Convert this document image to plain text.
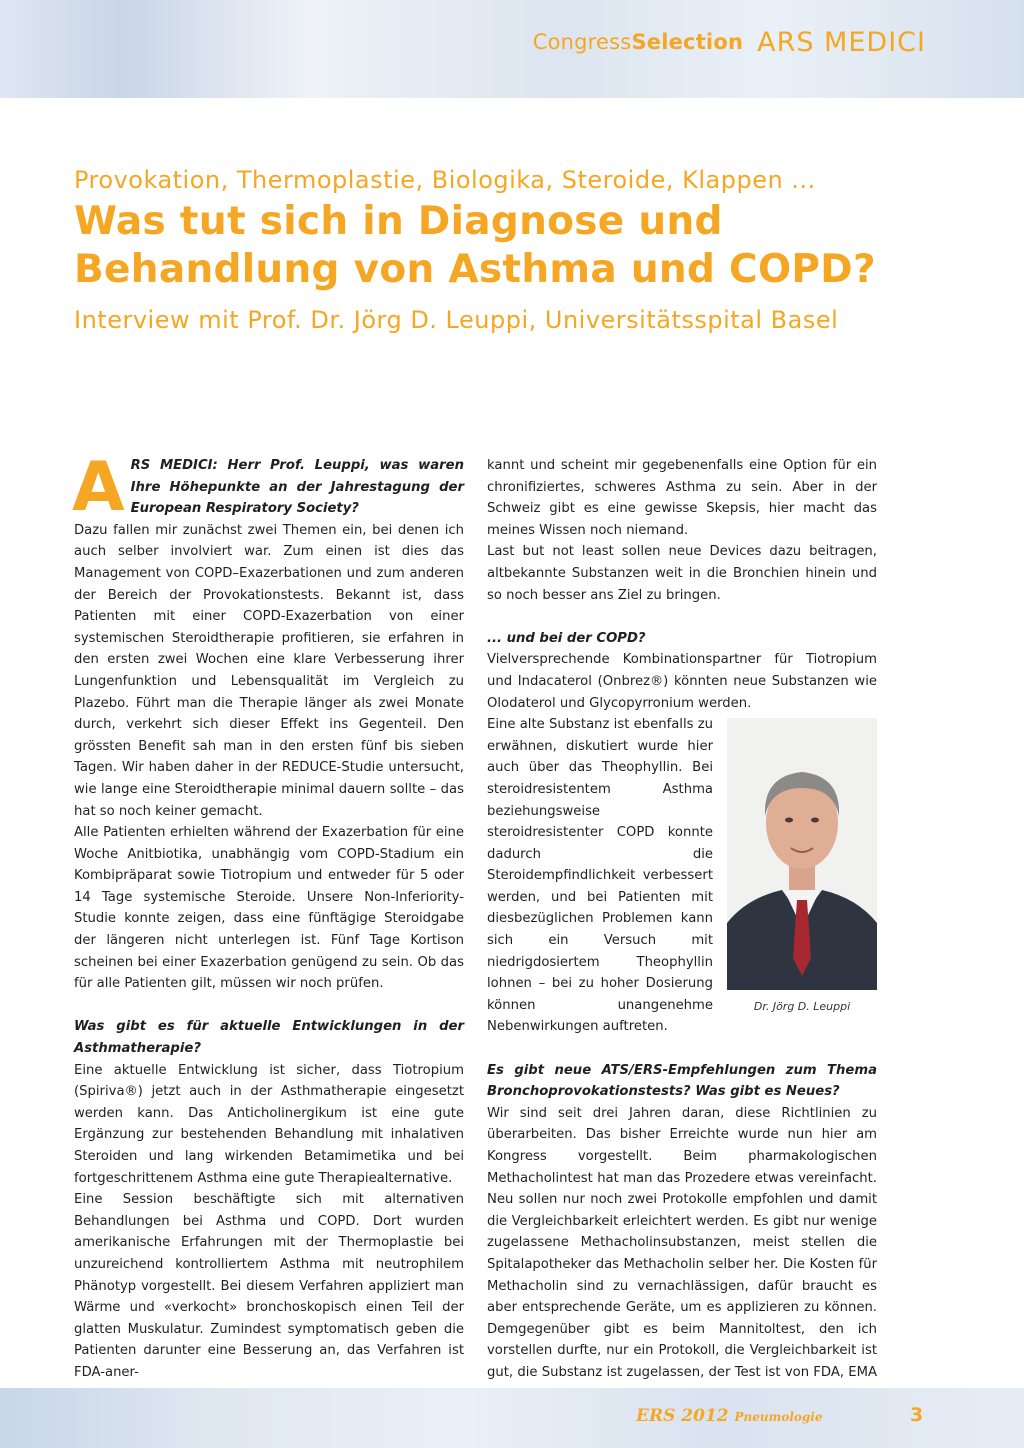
CongressSelection ARS MEDICI
Provokation, Thermoplastie, Biologika, Steroide, Klappen ...
Was tut sich in Diagnose und
Behandlung von Asthma und COPD?
Interview mit Prof. Dr. Jörg D. Leuppi, Universitätsspital Basel
A RS MEDICI: Herr Prof. Leuppi, was waren Ihre Höhepunkte an der Jahrestagung der European Respiratory Society?

Dazu fallen mir zunächst zwei Themen ein, bei denen ich auch selber involviert war. Zum einen ist dies das Management von COPD–Exazerbationen und zum anderen der Bereich der Provokationstests. Bekannt ist, dass Patienten mit einer COPD-Exazerbation von einer systemischen Steroidtherapie profitieren, sie erfahren in den ersten zwei Wochen eine klare Verbesserung ihrer Lungenfunktion und Lebensqualität im Vergleich zu Plazebo. Führt man die Therapie länger als zwei Monate durch, verkehrt sich dieser Effekt ins Gegenteil. Den grössten Benefit sah man in den ersten fünf bis sieben Tagen. Wir haben daher in der REDUCE-Studie untersucht, wie lange eine Steroidtherapie minimal dauern sollte – das hat so noch keiner gemacht.

Alle Patienten erhielten während der Exazerbation für eine Woche Anitbiotika, unabhängig vom COPD-Stadium ein Kombipräparat sowie Tiotropium und entweder für 5 oder 14 Tage systemische Steroide. Unsere Non-Inferiority-Studie konnte zeigen, dass eine fünftägige Steroidgabe der längeren nicht unterlegen ist. Fünf Tage Kortison scheinen bei einer Exazerbation genügend zu sein. Ob das für alle Patienten gilt, müssen wir noch prüfen.

Was gibt es für aktuelle Entwicklungen in der Asthmatherapie?

Eine aktuelle Entwicklung ist sicher, dass Tiotropium (Spiriva®) jetzt auch in der Asthmatherapie eingesetzt werden kann. Das Anticholinergikum ist eine gute Ergänzung zur bestehenden Behandlung mit inhalativen Steroiden und lang wirkenden Betamimetika und bei fortgeschrittenem Asthma eine gute Therapiealternative.

Eine Session beschäftigte sich mit alternativen Behandlungen bei Asthma und COPD. Dort wurden amerikanische Erfahrungen mit der Thermoplastie bei unzureichend kontrolliertem Asthma mit neutrophilem Phänotyp vorgestellt. Bei diesem Verfahren appliziert man Wärme und «verkocht» bronchoskopisch einen Teil der glatten Muskulatur. Zumindest symptomatisch geben die Patienten darunter eine Besserung an, das Verfahren ist FDA-aner-

kannt und scheint mir gegebenenfalls eine Option für ein chronifiziertes, schweres Asthma zu sein. Aber in der Schweiz gibt es eine gewisse Skepsis, hier macht das meines Wissen noch niemand.

Last but not least sollen neue Devices dazu beitragen, altbekannte Substanzen weit in die Bronchien hinein und so noch besser ans Ziel zu bringen.

... und bei der COPD?

Vielversprechende Kombinationspartner für Tiotropium und Indacaterol (Onbrez®) könnten neue Substanzen wie Olodaterol und Glycopyrronium werden.

Dr. Jörg D. Leuppi
Eine alte Substanz ist ebenfalls zu erwähnen, diskutiert wurde hier auch über das Theophyllin. Bei steroidresistentem Asthma beziehungsweise steroidresistenter COPD konnte dadurch die Steroidempfindlichkeit verbessert werden, und bei Patienten mit diesbezüglichen Problemen kann sich ein Versuch mit niedrigdosiertem Theophyllin lohnen – bei zu hoher Dosierung können unangenehme Nebenwirkungen auftreten.

Es gibt neue ATS/ERS-Empfehlungen zum Thema Bronchoprovokationstests? Was gibt es Neues?

Wir sind seit drei Jahren daran, diese Richtlinien zu überarbeiten. Das bisher Erreichte wurde nun hier am Kongress vorgestellt. Beim pharmakologischen Methacholintest hat man das Prozedere etwas vereinfacht. Neu sollen nur noch zwei Protokolle empfohlen und damit die Vergleichbarkeit erleichtert werden. Es gibt nur wenige zugelassene Methacholinsubstanzen, meist stellen die Spitalapotheker das Methacholin selber her. Die Kosten für Methacholin sind zu vernachlässigen, dafür braucht es aber entsprechende Geräte, um es applizieren zu können. Demgegenüber gibt es beim Mannitoltest, den ich vorstellen durfte, nur ein Protokoll, die Vergleichbarkeit ist gut, die Substanz ist zugelassen, der Test ist von FDA, EMA

ERS 2012 Pneumologie	3
